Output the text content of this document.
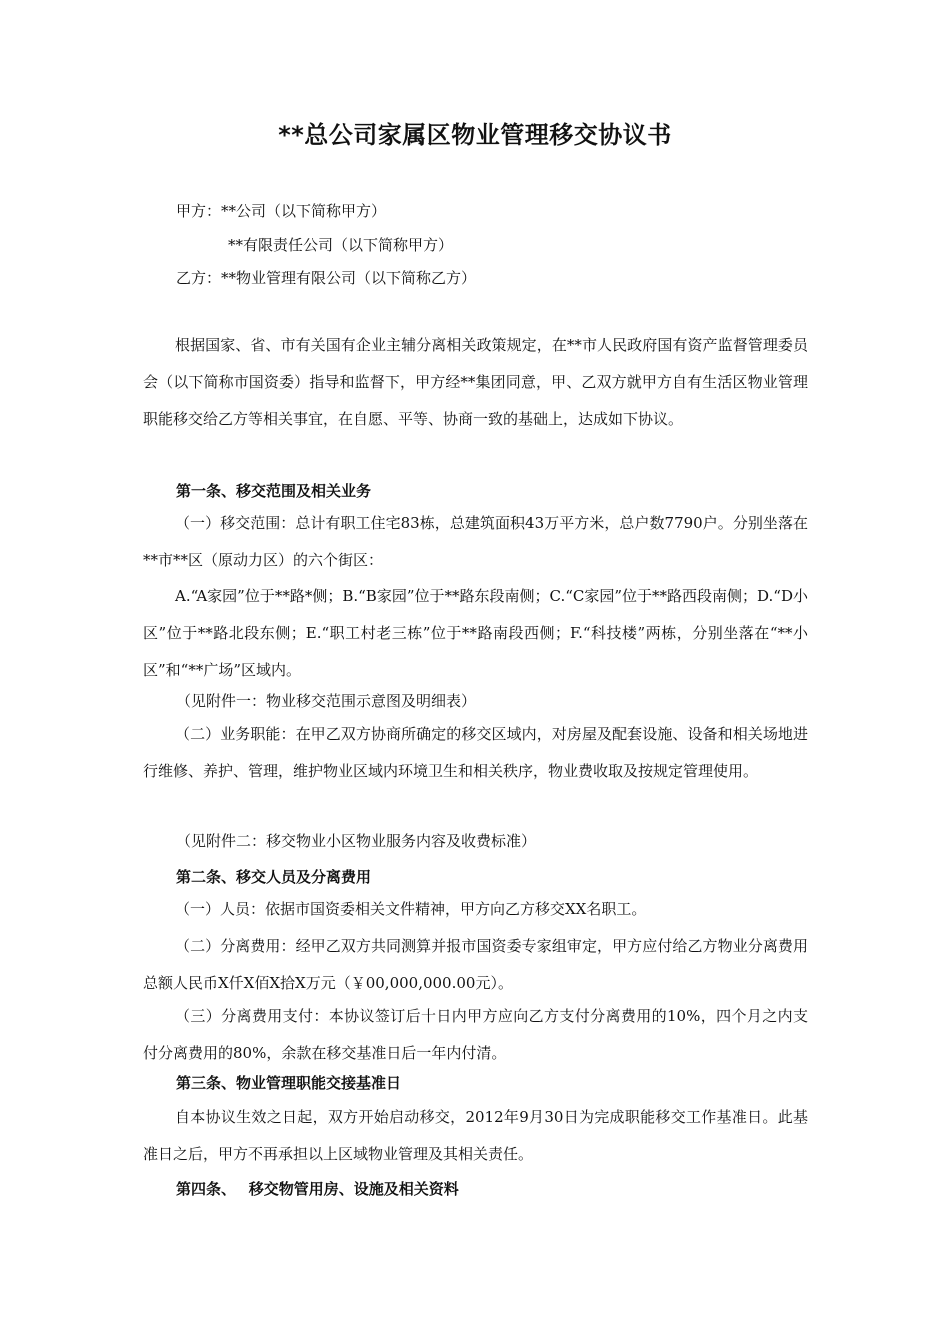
**总公司家属区物业管理移交协议书

甲方：**公司（以下简称甲方）

**有限责任公司（以下简称甲方）

乙方：**物业管理有限公司（以下简称乙方）

根据国家、省、市有关国有企业主辅分离相关政策规定，在**市人民政府国有资产监督管理委员会（以下简称市国资委）指导和监督下，甲方经**集团同意，甲、乙双方就甲方自有生活区物业管理职能移交给乙方等相关事宜，在自愿、平等、协商一致的基础上，达成如下协议。

第一条、移交范围及相关业务

（一）移交范围：总计有职工住宅83栋，总建筑面积43万平方米，总户数7790户。分别坐落在**市**区（原动力区）的六个街区：

A.“A家园”位于**路*侧；B.“B家园”位于**路东段南侧；C.“C家园”位于**路西段南侧；D.“D小区”位于**路北段东侧；E.“职工村老三栋”位于**路南段西侧；F.“科技楼”两栋，分别坐落在“**小区”和“**广场”区域内。

（见附件一：物业移交范围示意图及明细表）

（二）业务职能：在甲乙双方协商所确定的移交区域内，对房屋及配套设施、设备和相关场地进行维修、养护、管理，维护物业区域内环境卫生和相关秩序，物业费收取及按规定管理使用。

（见附件二：移交物业小区物业服务内容及收费标准）

第二条、移交人员及分离费用

（一）人员：依据市国资委相关文件精神，甲方向乙方移交XX名职工。

（二）分离费用：经甲乙双方共同测算并报市国资委专家组审定，甲方应付给乙方物业分离费用总额人民币X仟X佰X拾X万元（￥00,000,000.00元）。

（三）分离费用支付：本协议签订后十日内甲方应向乙方支付分离费用的10%，四个月之内支付分离费用的80%，余款在移交基准日后一年内付清。

第三条、物业管理职能交接基准日

自本协议生效之日起，双方开始启动移交，2012年9月30日为完成职能移交工作基准日。此基准日之后，甲方不再承担以上区域物业管理及其相关责任。

第四条、　 移交物管用房、设施及相关资料
